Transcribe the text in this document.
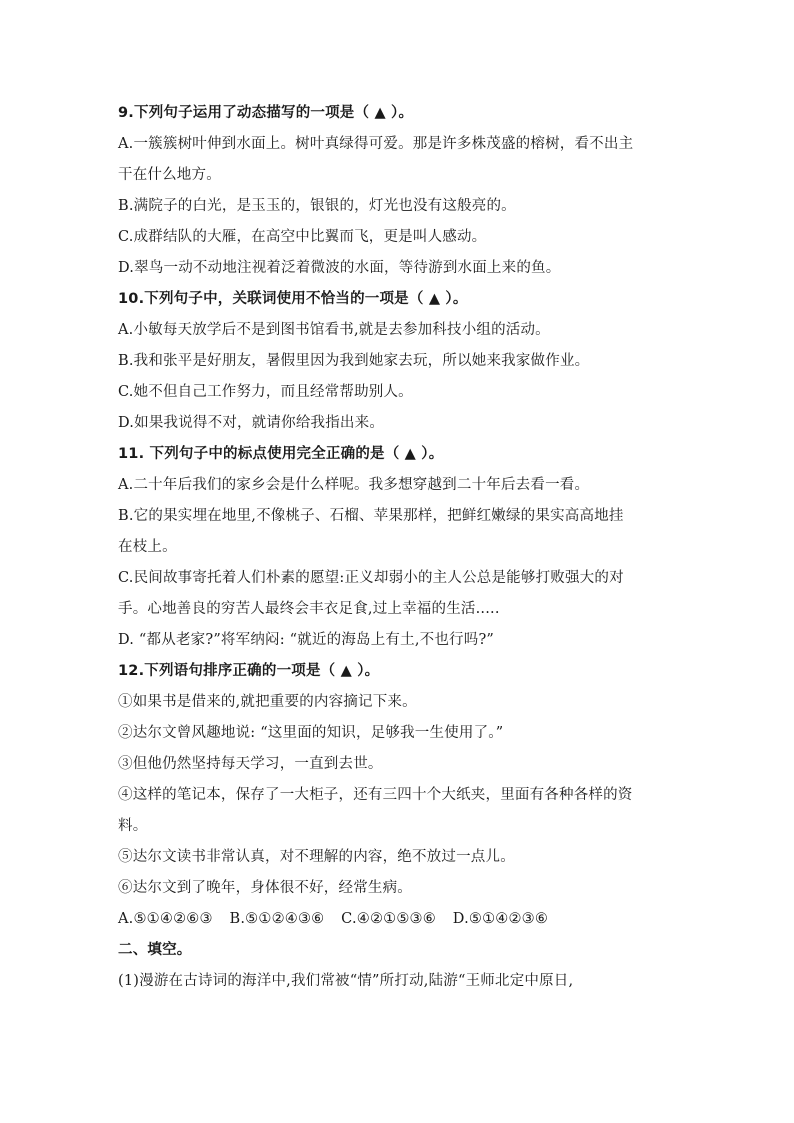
9.下列句子运用了动态描写的一项是（ ▲ ）。
A.一簇簇树叶伸到水面上。树叶真绿得可爱。那是许多株茂盛的榕树，看不出主
干在什么地方。
B.满院子的白光，是玉玉的，银银的，灯光也没有这般亮的。
C.成群结队的大雁，在高空中比翼而飞，更是叫人感动。
D.翠鸟一动不动地注视着泛着微波的水面，等待游到水面上来的鱼。
10.下列句子中，关联词使用不恰当的一项是（ ▲ ）。
A.小敏每天放学后不是到图书馆看书,就是去参加科技小组的活动。
B.我和张平是好朋友，暑假里因为我到她家去玩，所以她来我家做作业。
C.她不但自己工作努力，而且经常帮助别人。
D.如果我说得不对，就请你给我指出来。
11. 下列句子中的标点使用完全正确的是（ ▲ ）。
A.二十年后我们的家乡会是什么样呢。我多想穿越到二十年后去看一看。
B.它的果实埋在地里,不像桃子、石榴、苹果那样，把鲜红嫩绿的果实高高地挂
在枝上。
C.民间故事寄托着人们朴素的愿望:正义却弱小的主人公总是能够打败强大的对
手。心地善良的穷苦人最终会丰衣足食,过上幸福的生活.....
D. “都从老家?”将军纳闷: “就近的海岛上有土,不也行吗?”
12.下列语句排序正确的一项是（ ▲ ）。
①如果书是借来的,就把重要的内容摘记下来。
②达尔文曾风趣地说: “这里面的知识，足够我一生使用了。”
③但他仍然坚持每天学习，一直到去世。
④这样的笔记本，保存了一大柜子，还有三四十个大纸夹，里面有各种各样的资
料。
⑤达尔文读书非常认真，对不理解的内容，绝不放过一点儿。
⑥达尔文到了晚年，身体很不好，经常生病。
A.⑤①④②⑥③ B.⑤①②④③⑥ C.④②①⑤③⑥ D.⑤①④②③⑥
二、填空。
(1)漫游在古诗词的海洋中,我们常被“情”所打动,陆游“王师北定中原日,
